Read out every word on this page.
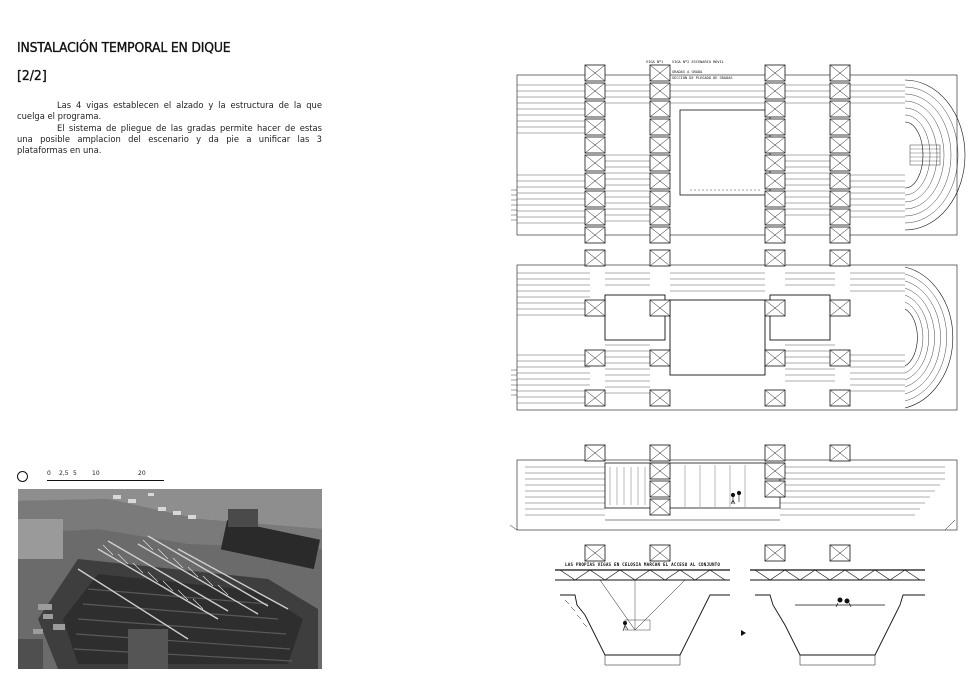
INSTALACIÓN TEMPORAL EN DIQUE
[2/2]

Las 4 vigas establecen el alzado y la estructura de la que cuelga el programa.

El sistema de pliegue de las gradas permite hacer de estas una posible amplacion del escenario y da pie a unificar las 3 plataformas en una.

0 2,5 5	10	20
VIGA Nº1 VIGA Nº2 ESCENARIO MÓVIL
GRADAS A GRADA
SECCIÓN DE PLEGADO DE GRADAS
LAS PROPIAS VIGAS EN CELOSIA MARCAN EL ACCESO AL CONJUNTO
